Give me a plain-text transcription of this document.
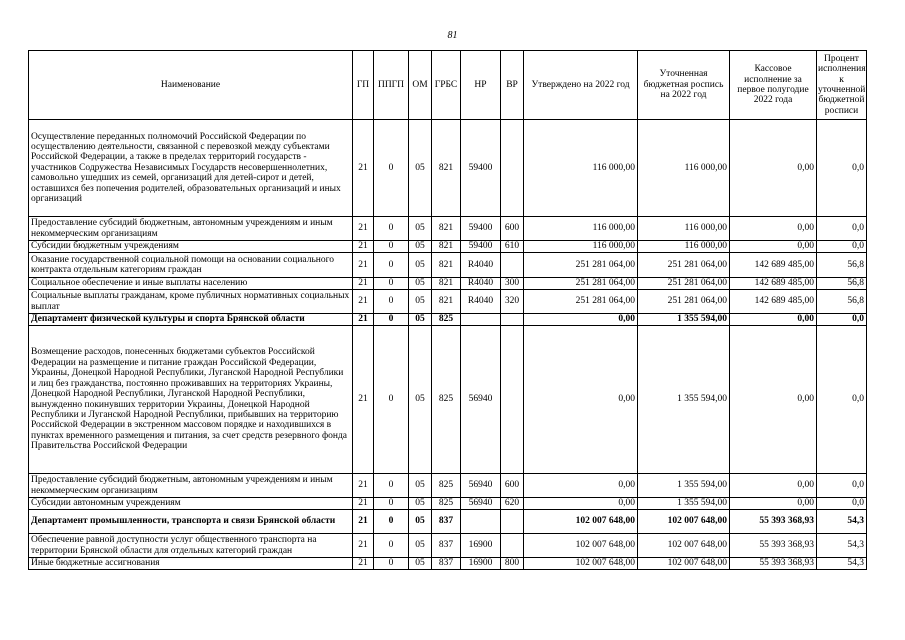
81
Наименование	ГП	ППГП	ОМ	ГРБС	НР	ВР	Утверждено на 2022 год	Уточненная бюджетная роспись на 2022 год	Кассовое исполнение за первое полугодие 2022 года	Процент исполнения к уточненной бюджетной росписи
Осуществление переданных полномочий Российской Федерации по осуществлению деятельности, связанной с перевозкой между субъектами Российской Федерации, а также в пределах территорий государств - участников Содружества Независимых Государств несовершеннолетних, самовольно ушедших из семей, организаций для детей-сирот и детей, оставшихся без попечения родителей, образовательных организаций и иных организаций	21	0	05	821	59400		116 000,00	116 000,00	0,00	0,0
Предоставление субсидий бюджетным, автономным учреждениям и иным некоммерческим организациям	21	0	05	821	59400	600	116 000,00	116 000,00	0,00	0,0
Субсидии бюджетным учреждениям	21	0	05	821	59400	610	116 000,00	116 000,00	0,00	0,0
Оказание государственной социальной помощи на основании социального контракта отдельным категориям граждан	21	0	05	821	R4040		251 281 064,00	251 281 064,00	142 689 485,00	56,8
Социальное обеспечение и иные выплаты населению	21	0	05	821	R4040	300	251 281 064,00	251 281 064,00	142 689 485,00	56,8
Социальные выплаты гражданам, кроме публичных нормативных социальных выплат	21	0	05	821	R4040	320	251 281 064,00	251 281 064,00	142 689 485,00	56,8
Департамент физической культуры и спорта Брянской области	21	0	05	825			0,00	1 355 594,00	0,00	0,0
Возмещение расходов, понесенных бюджетами субъектов Российской Федерации на размещение и питание граждан Российской Федерации, Украины, Донецкой Народной Республики, Луганской Народной Республики и лиц без гражданства, постоянно проживавших на территориях Украины, Донецкой Народной Республики, Луганской Народной Республики, вынужденно покинувших территории Украины, Донецкой Народной Республики и Луганской Народной Республики, прибывших на территорию Российской Федерации в экстренном массовом порядке и находившихся в пунктах временного размещения и питания, за счет средств резервного фонда Правительства Российской Федерации	21	0	05	825	56940		0,00	1 355 594,00	0,00	0,0
Предоставление субсидий бюджетным, автономным учреждениям и иным некоммерческим организациям	21	0	05	825	56940	600	0,00	1 355 594,00	0,00	0,0
Субсидии автономным учреждениям	21	0	05	825	56940	620	0,00	1 355 594,00	0,00	0,0
Департамент промышленности, транспорта и связи Брянской области	21	0	05	837			102 007 648,00	102 007 648,00	55 393 368,93	54,3
Обеспечение равной доступности услуг общественного транспорта на территории Брянской области для отдельных категорий граждан	21	0	05	837	16900		102 007 648,00	102 007 648,00	55 393 368,93	54,3
Иные бюджетные ассигнования	21	0	05	837	16900	800	102 007 648,00	102 007 648,00	55 393 368,93	54,3
